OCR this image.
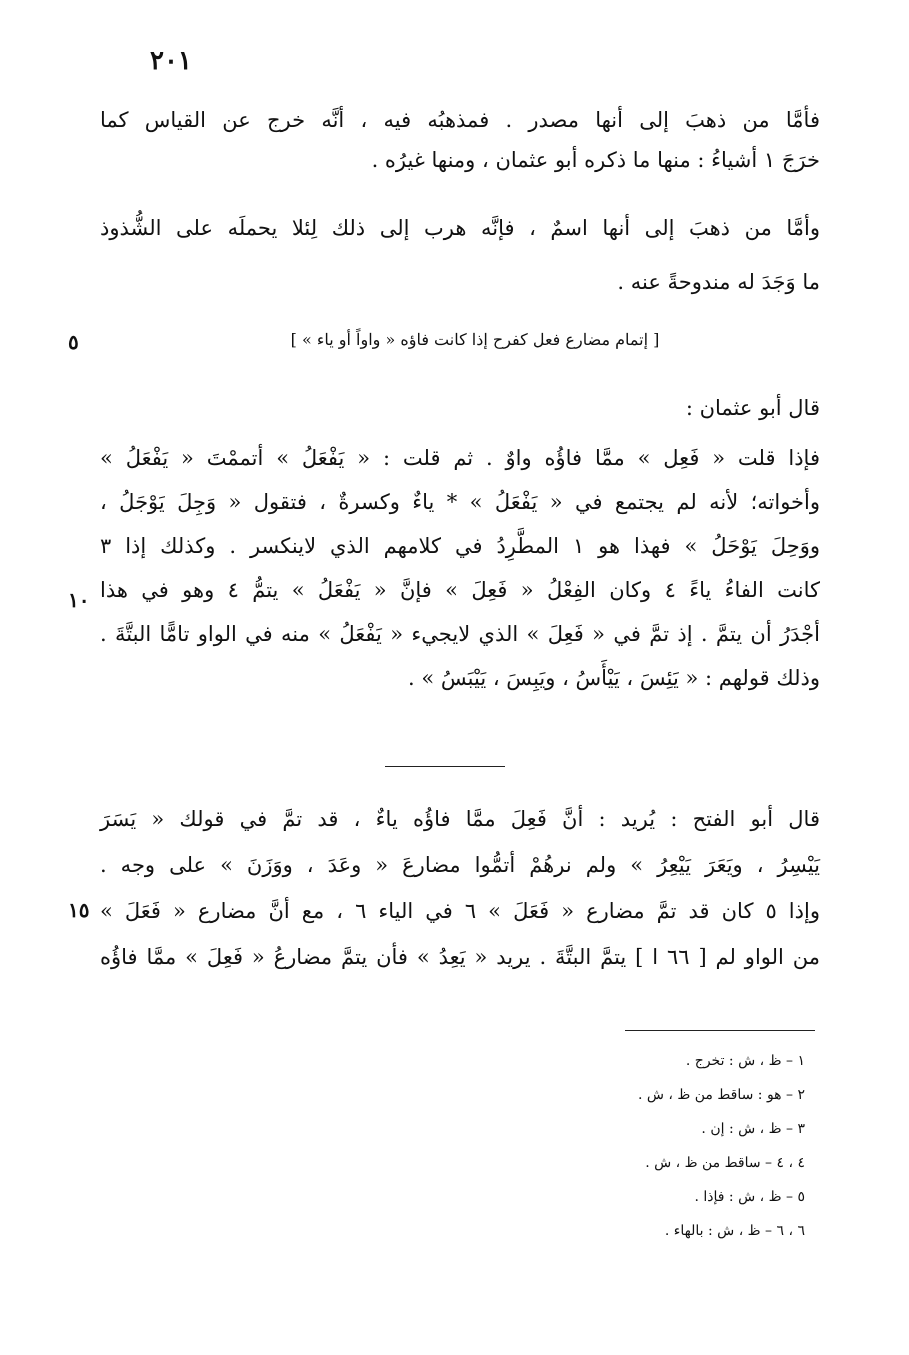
٢٠١
فأمَّا من ذهبَ إلى أنها مصدر . فمذهبُه فيه ، أنَّه خرج عن القياس كما
خرَجَ ١ أشياءُ : منها ما ذكره أبو عثمان ، ومنها غيرُه .
وأمَّا من ذهبَ إلى أنها اسمٌ ، فإنَّه هرب إلى ذلك لِئلا يحملَه على الشُّذوذ
ما وَجَدَ له مندوحةً عنه .
٥	[ إتمام مضارع فعل كفرح إذا كانت فاؤه « واواً أو ياء » ]
قال أبو عثمان :
فإذا قلت « فَعِل » ممَّا فاؤُه واوٌ . ثم قلت : « يَفْعَلُ » أتممْتَ « يَفْعَلُ »
وأخواته؛ لأنه لم يجتمع في « يَفْعَلُ » * ياءٌ وكسرةٌ ، فتقول « وَجِلَ يَوْجَلُ ،
ووَحِلَ يَوْحَلُ » فهذا هو ١ المطَّرِدُ في كلامهم الذي لاينكسر . وكذلك إذا ٣
كانت الفاءُ ياءً ٤ وكان الفِعْلُ « فَعِلَ » فإنَّ « يَفْعَلُ » يتمُّ ٤ وهو في هذا
أجْدَرُ أن يتمَّ . إذ تمَّ في « فَعِلَ » الذي لايجيء « يَفْعَلُ » منه في الواو تامًّا البتَّةَ .
وذلك قولهم : « يَئِسَ ، يَيْأَسُ ، ويَبِسَ ، يَيْبَسُ » .
١٠
قال أبو الفتح : يُريد : أنَّ فَعِلَ ممَّا فاؤُه ياءٌ ، قد تمَّ في قولك « يَسَرَ
يَيْسِرُ ، ويَعَرَ يَيْعِرُ » ولم نرهُمْ أتمُّوا مضارعَ « وعَدَ ، ووَزَنَ » على وجه .
وإذا ٥ كان قد تمَّ مضارع « فَعَلَ » ٦ في الياء ٦ ، مع أنَّ مضارع « فَعَلَ »
من الواو لم [ ٦٦ ا ] يتمَّ البتَّةَ . يريد « يَعِدُ » فأن يتمَّ مضارعُ « فَعِلَ » ممَّا فاؤُه
١٥
١ – ظ ، ش : تخرج .
٢ – هو : ساقط من ظ ، ش .
٣ – ظ ، ش : إن .
٤ ، ٤ – ساقط من ظ ، ش .
٥ – ظ ، ش : فإذا .
٦ ، ٦ – ظ ، ش : بالهاء .
